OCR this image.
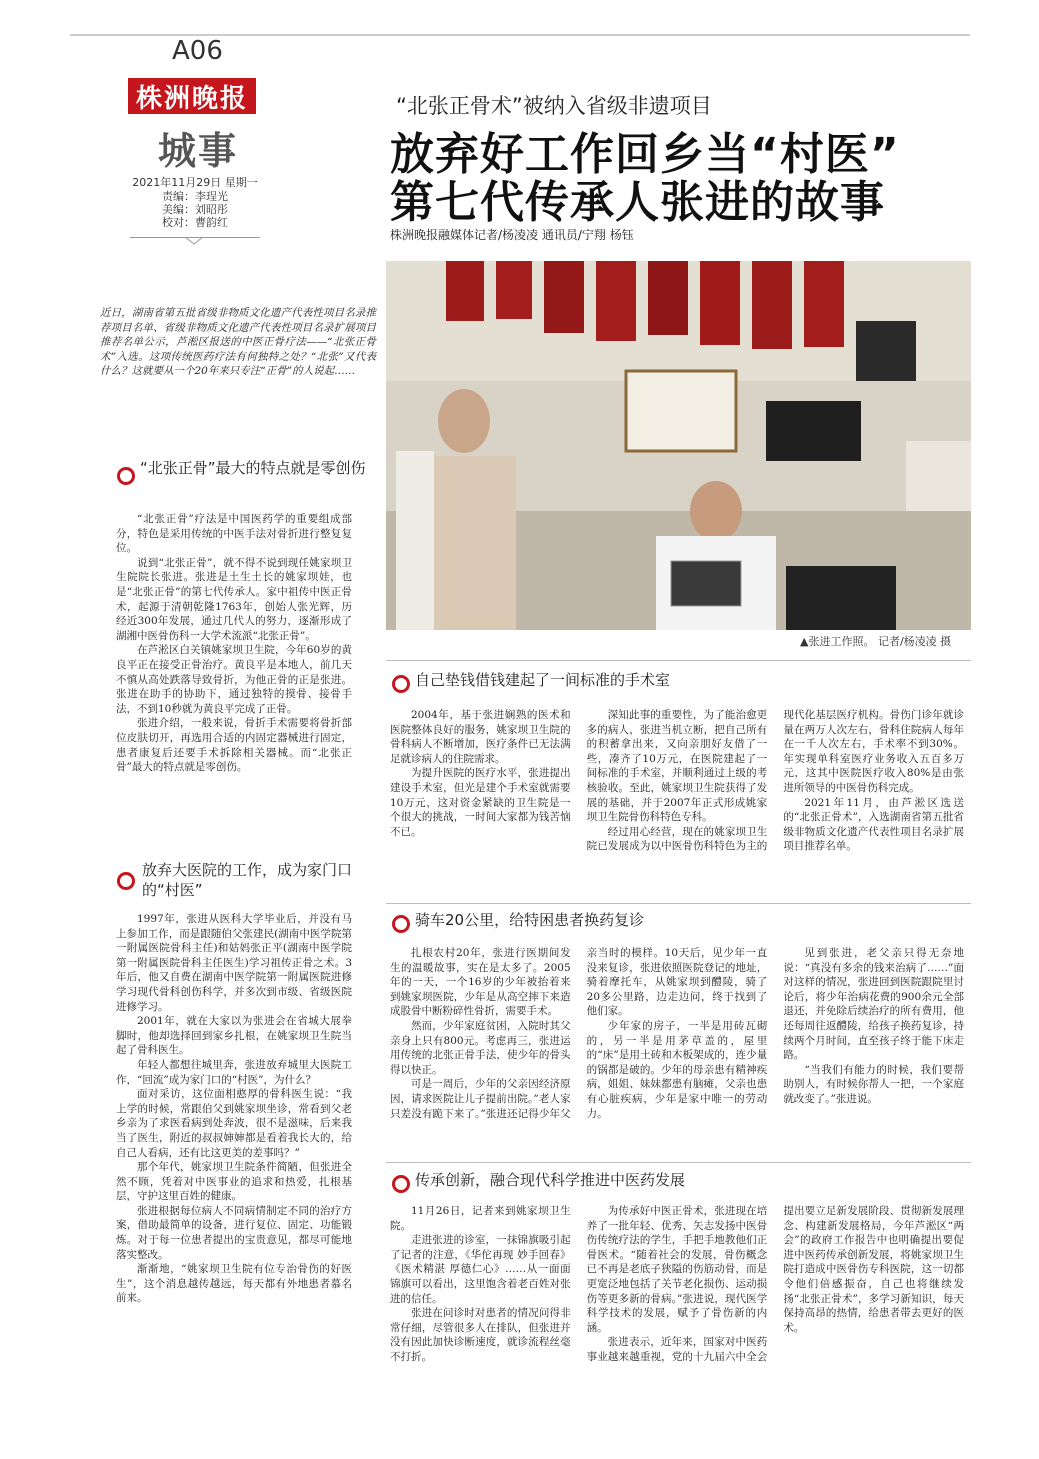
A06
株洲晚报
城事
2021年11月29日 星期一
责编：李珵光
美编：刘昭彤
校对：曹韵红
“北张正骨术”被纳入省级非遗项目
放弃好工作回乡当“村医”
第七代传承人张进的故事
株洲晚报融媒体记者/杨凌凌 通讯员/宁翔 杨钰
▲张进工作照。 记者/杨凌凌 摄
近日，湖南省第五批省级非物质文化遗产代表性项目名录推荐项目名单、省级非物质文化遗产代表性项目名录扩展项目推荐名单公示，芦淞区报送的中医正骨疗法——“北张正骨术”入选。这项传统医药疗法有何独特之处？“北张”又代表什么？这就要从一个20年来只专注“正骨”的人说起……
“北张正骨”最大的特点就是零创伤

“北张正骨”疗法是中国医药学的重要组成部分，特色是采用传统的中医手法对骨折进行整复复位。

说到“北张正骨”，就不得不说到现任姚家坝卫生院院长张进。张进是土生土长的姚家坝娃，也是“北张正骨”的第七代传承人。家中祖传中医正骨术，起源于清朝乾隆1763年，创始人张光辉，历经近300年发展，通过几代人的努力，逐渐形成了湖湘中医骨伤科一大学术流派“北张正骨”。

在芦淞区白关镇姚家坝卫生院，今年60岁的黄良平正在接受正骨治疗。黄良平是本地人，前几天不慎从高处跌落导致骨折，为他正骨的正是张进。张进在助手的协助下，通过独特的摸骨、接骨手法，不到10秒就为黄良平完成了正骨。

张进介绍，一般来说，骨折手术需要将骨折部位皮肤切开，再选用合适的内固定器械进行固定，患者康复后还要手术拆除相关器械。而“北张正骨”最大的特点就是零创伤。

放弃大医院的工作，成为家门口的“村医”

1997年，张进从医科大学毕业后，并没有马上参加工作，而是跟随伯父张建民(湖南中医学院第一附属医院骨科主任)和姑妈张正平(湖南中医学院第一附属医院骨科主任医生)学习祖传正骨之术。3年后，他又自费在湖南中医学院第一附属医院进修学习现代骨科创伤科学，并多次到市级、省级医院进修学习。

2001年，就在大家以为张进会在省城大展拳脚时，他却选择回到家乡扎根，在姚家坝卫生院当起了骨科医生。

年轻人都想往城里奔，张进放弃城里大医院工作，“回流”成为家门口的“村医”，为什么？

面对采访，这位面相憨厚的骨科医生说：“我上学的时候，常跟伯父到姚家坝坐诊，常看到父老乡亲为了求医看病到处奔波，很不是滋味，后来我当了医生，附近的叔叔婶婶都是看着我长大的，给自己人看病，还有比这更美的差事吗？”

那个年代，姚家坝卫生院条件简陋，但张进全然不顾，凭着对中医事业的追求和热爱，扎根基层，守护这里百姓的健康。

张进根据每位病人不同病情制定不同的治疗方案，借助最简单的设备，进行复位、固定、功能锻炼。对于每一位患者提出的宝贵意见，都尽可能地落实整改。

渐渐地，“姚家坝卫生院有位专治骨伤的好医生”，这个消息越传越远，每天都有外地患者慕名前来。

自己垫钱借钱建起了一间标准的手术室

2004年，基于张进娴熟的医术和医院整体良好的服务，姚家坝卫生院的骨科病人不断增加，医疗条件已无法满足就诊病人的住院需求。

为提升医院的医疗水平，张进提出建设手术室，但光是建个手术室就需要10万元，这对资金紧缺的卫生院是一个很大的挑战，一时间大家都为钱苦恼不已。

深知此事的重要性，为了能治愈更多的病人，张进当机立断，把自己所有的积蓄拿出来，又向亲朋好友借了一些，凑齐了10万元，在医院建起了一间标准的手术室，并顺利通过上级的考核验收。至此，姚家坝卫生院获得了发展的基础，并于2007年正式形成姚家坝卫生院骨伤科特色专科。

经过用心经营，现在的姚家坝卫生院已发展成为以中医骨伤科特色为主的现代化基层医疗机构。骨伤门诊年就诊量在两万人次左右，骨科住院病人每年在一千人次左右，手术率不到30%。年实现单科室医疗业务收入五百多万元，这其中医院医疗收入80%是由张进所领导的中医骨伤科完成。

2021年11月，由芦淞区选送的“北张正骨术”，入选湖南省第五批省级非物质文化遗产代表性项目名录扩展项目推荐名单。

骑车20公里，给特困患者换药复诊

扎根农村20年，张进行医期间发生的温暖故事，实在是太多了。2005年的一天，一个16岁的少年被抬着来到姚家坝医院，少年是从高空摔下来造成股骨中断粉碎性骨折，需要手术。

然而，少年家庭贫困，入院时其父亲身上只有800元。考虑再三，张进运用传统的北张正骨手法，使少年的骨头得以快正。

可是一周后，少年的父亲因经济原因，请求医院让儿子提前出院。”老人家只差没有跪下来了。”张进还记得少年父亲当时的模样。10天后，见少年一直没来复诊，张进依照医院登记的地址，骑着摩托车，从姚家坝到醴陵，骑了20多公里路，边走边问，终于找到了他们家。

少年家的房子，一半是用砖瓦砌的，另一半是用茅草盖的，屋里的“床”是用土砖和木板架成的，连少量的锅都是破的。少年的母亲患有精神疾病，姐姐、妹妹都患有脑瘫，父亲也患有心脏疾病，少年是家中唯一的劳动力。

见到张进，老父亲只得无奈地说：“真没有多余的钱来治病了……”面对这样的情况，张进回到医院跟院里讨论后，将少年治病花费的900余元全部退还，并免除后续治疗的所有费用，他还每周往返醴陵，给孩子换药复诊，持续两个月时间，直至孩子终于能下床走路。

“当我们有能力的时候，我们要帮助别人，有时候你帮人一把，一个家庭就改变了。”张进说。

传承创新，融合现代科学推进中医药发展

11月26日，记者来到姚家坝卫生院。

走进张进的诊室，一抹锦旗吸引起了记者的注意，《华佗再现 妙手回春》《医术精湛 厚德仁心》……从一面面锦旗可以看出，这里饱含着老百姓对张进的信任。

张进在问诊时对患者的情况问得非常仔细，尽管很多人在排队，但张进并没有因此加快诊断速度，就诊流程丝毫不打折。

为传承好中医正骨术，张进现在培养了一批年轻、优秀、矢志发扬中医骨伤传统疗法的学生，手把手地教他们正骨医术。“随着社会的发展，骨伤概念已不再是老底子狭隘的伤筋动骨，而是更宽泛地包括了关节老化损伤、运动损伤等更多新的骨病。”张进说，现代医学科学技术的发展，赋予了骨伤新的内涵。

张进表示，近年来，国家对中医药事业越来越重视，党的十九届六中全会提出要立足新发展阶段、贯彻新发展理念、构建新发展格局，今年芦淞区“两会”的政府工作报告中也明确提出要促进中医药传承创新发展，将姚家坝卫生院打造成中医骨伤专科医院，这一切都令他们倍感振奋，自己也将继续发扬“北张正骨术”，多学习新知识，每天保持高昂的热情，给患者带去更好的医术。
